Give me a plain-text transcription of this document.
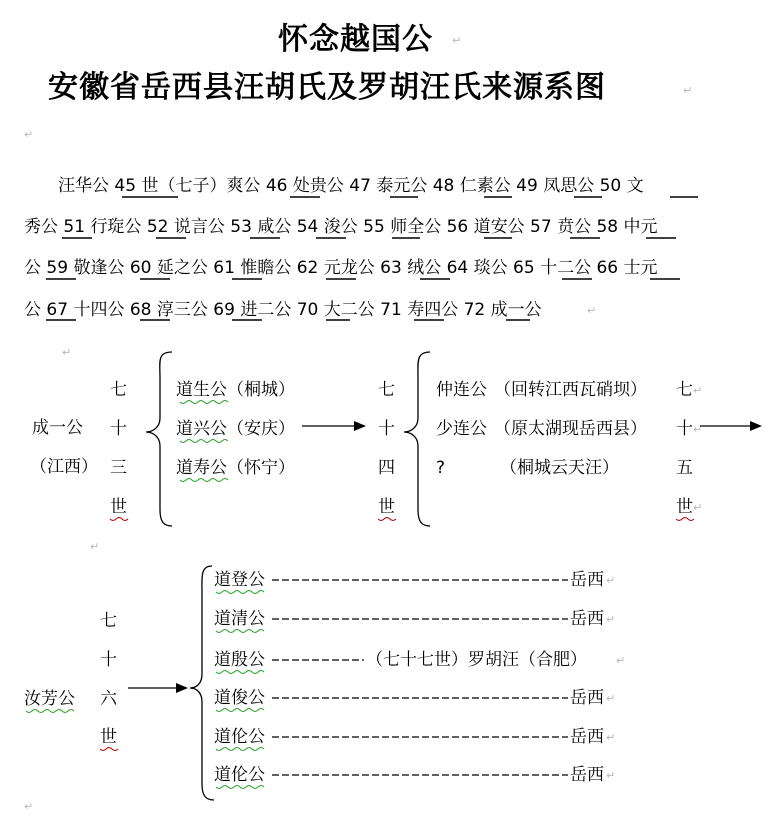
怀念越国公 ↵
安徽省岳西县汪胡氏及罗胡汪氏来源系图	↵
↵
汪华公 45 世（七子）爽公 46 处贵公 47 泰元公 48 仁素公 49 凤思公 50 文
秀公 51 行琁公 52 说言公 53 咸公 54 浚公 55 师全公 56 道安公 57 贲公 58 中元
公 59 敬逢公 60 延之公 61 惟瞻公 62 元龙公 63 绒公 64 琰公 65 十二公 66 士元
公 67 十四公 68 淳三公 69 进二公 70 大二公 71 寿四公 72 成一公	↵
↵
成一公
（江西）
七
十
三
世
道生公（桐城）
道兴公（安庆）
道寿公（怀宁）
七
十
四
世
仲连公 （回转江西瓦硝坝）
少连公 （原太湖现岳西县）
?	（桐城云天汪）
七
十
五
世
↵
↵
↵
↵
七
十
六
世
汝芳公
道登公	岳西
道清公	岳西
道殷公	（七十七世）罗胡汪（合肥）
道俊公	岳西
道伦公	岳西
道伦公	岳西
↵
↵
↵
↵
↵
↵
↵
